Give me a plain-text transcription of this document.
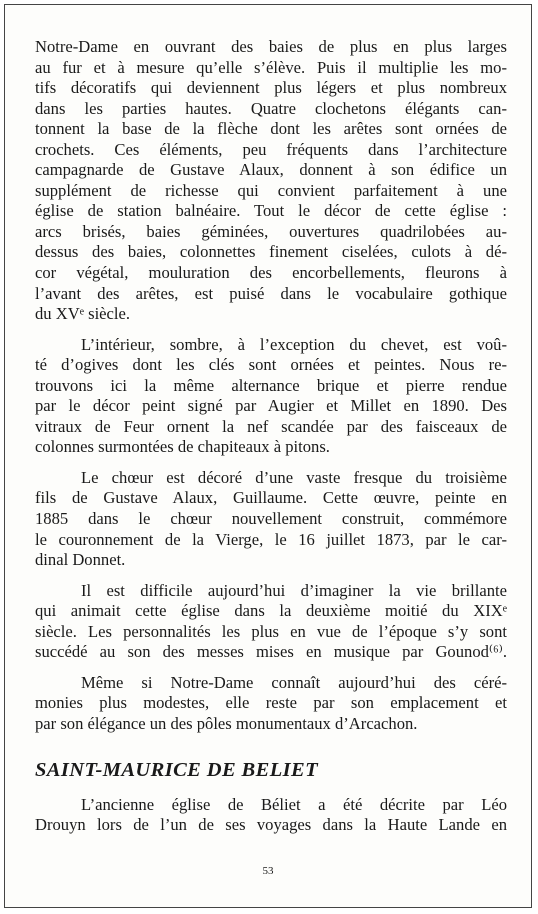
Notre-Dame en ouvrant des baies de plus en plus larges
au fur et à mesure qu’elle s’élève. Puis il multiplie les mo-
tifs décoratifs qui deviennent plus légers et plus nombreux
dans les parties hautes. Quatre clochetons élégants can-
tonnent la base de la flèche dont les arêtes sont ornées de
crochets. Ces éléments, peu fréquents dans l’architecture
campagnarde de Gustave Alaux, donnent à son édifice un
supplément de richesse qui convient parfaitement à une
église de station balnéaire. Tout le décor de cette église :
arcs brisés, baies géminées, ouvertures quadrilobées au-
dessus des baies, colonnettes finement ciselées, culots à dé-
cor végétal, mouluration des encorbellements, fleurons à
l’avant des arêtes, est puisé dans le vocabulaire gothique
du XVᵉ siècle.
L’intérieur, sombre, à l’exception du chevet, est voû-
té d’ogives dont les clés sont ornées et peintes. Nous re-
trouvons ici la même alternance brique et pierre rendue
par le décor peint signé par Augier et Millet en 1890. Des
vitraux de Feur ornent la nef scandée par des faisceaux de
colonnes surmontées de chapiteaux à pitons.
Le chœur est décoré d’une vaste fresque du troisième
fils de Gustave Alaux, Guillaume. Cette œuvre, peinte en
1885 dans le chœur nouvellement construit, commémore
le couronnement de la Vierge, le 16 juillet 1873, par le car-
dinal Donnet.
Il est difficile aujourd’hui d’imaginer la vie brillante
qui animait cette église dans la deuxième moitié du XIXᵉ
siècle. Les personnalités les plus en vue de l’époque s’y sont
succédé au son des messes mises en musique par Gounod⁽⁶⁾.
Même si Notre-Dame connaît aujourd’hui des céré-
monies plus modestes, elle reste par son emplacement et
par son élégance un des pôles monumentaux d’Arcachon.
SAINT-MAURICE DE BELIET
L’ancienne église de Béliet a été décrite par Léo
Drouyn lors de l’un de ses voyages dans la Haute Lande en
53
